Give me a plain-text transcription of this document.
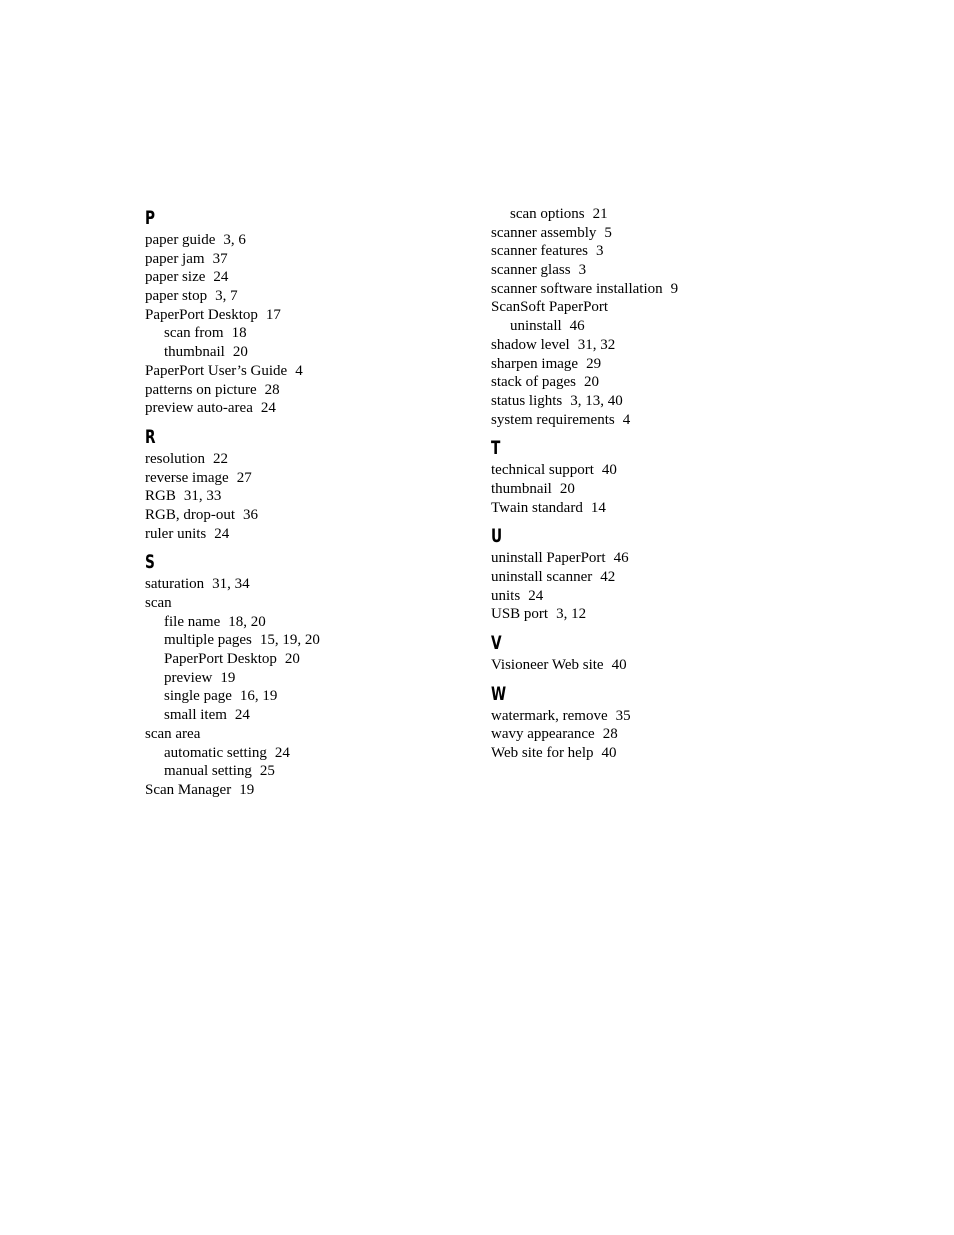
P
paper guide 3, 6
paper jam 37
paper size 24
paper stop 3, 7
PaperPort Desktop 17
scan from 18
thumbnail 20
PaperPort User’s Guide 4
patterns on picture 28
preview auto-area 24
R
resolution 22
reverse image 27
RGB 31, 33
RGB, drop-out 36
ruler units 24
S
saturation 31, 34
scan
file name 18, 20
multiple pages 15, 19, 20
PaperPort Desktop 20
preview 19
single page 16, 19
small item 24
scan area
automatic setting 24
manual setting 25
Scan Manager 19
scan options 21
scanner assembly 5
scanner features 3
scanner glass 3
scanner software installation 9
ScanSoft PaperPort
uninstall 46
shadow level 31, 32
sharpen image 29
stack of pages 20
status lights 3, 13, 40
system requirements 4
T
technical support 40
thumbnail 20
Twain standard 14
U
uninstall PaperPort 46
uninstall scanner 42
units 24
USB port 3, 12
V
Visioneer Web site 40
W
watermark, remove 35
wavy appearance 28
Web site for help 40
